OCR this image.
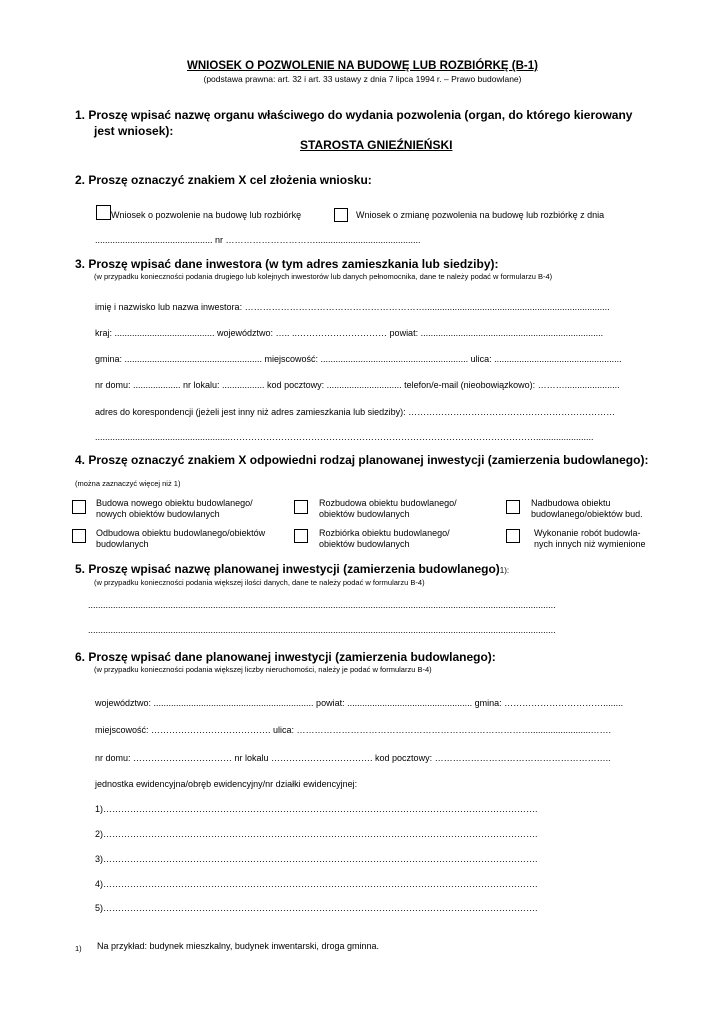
WNIOSEK O POZWOLENIE NA BUDOWĘ LUB ROZBIÓRKĘ (B-1)
(podstawa prawna: art. 32 i art. 33 ustawy z dnia 7 lipca 1994 r. – Prawo budowlane)
1. Proszę wpisać nazwę organu właściwego do wydania pozwolenia (organ, do którego kierowany
jest wniosek):
STAROSTA GNIEŹNIEŃSKI
2. Proszę oznaczyć znakiem X cel złożenia wniosku:
Wniosek o pozwolenie na budowę lub rozbiórkę	Wniosek o zmianę pozwolenia na budowę lub rozbiórkę z dnia
............................................... nr …………………………..........................................
3. Proszę wpisać dane inwestora (w tym adres zamieszkania lub siedziby):
(w przypadku konieczności podania drugiego lub kolejnych inwestorów lub danych pełnomocnika, dane te należy podać w formularzu B-4)
imię i nazwisko lub nazwa inwestora: ……………………………………………………..........................................................................
kraj: ........................................ województwo: ….. ..………………………… powiat: .........................................................................
gmina: ....................................................... miejscowość: ........................................................... ulica: ...................................................
nr domu: ................... nr lokalu: ................. kod pocztowy: .............................. telefon/e-mail (nieobowiązkowo): ………......................
adres do korespondencji (jeżeli jest inny niż adres zamieszkania lub siedziby): ……………………………………………………………
......................................................………………………………………………………………………………………….......................
4. Proszę oznaczyć znakiem X odpowiedni rodzaj planowanej inwestycji (zamierzenia budowlanego):
(można zaznaczyć więcej niż 1)
Budowa nowego obiektu budowlanego/ nowych obiektów budowlanych
Rozbudowa obiektu budowlanego/ obiektów budowlanych
Nadbudowa obiektu budowlanego/obiektów bud.
Odbudowa obiektu budowlanego/obiektów budowlanych
Rozbiórka obiektu budowlanego/ obiektów budowlanych
Wykonanie robót budowla-nych innych niż wymienione
5. Proszę wpisać nazwę planowanej inwestycji (zamierzenia budowlanego)1):
(w przypadku konieczności podania większej ilości danych, dane te należy podać w formularzu B-4)
...........................................................................................................................................................................................
...........................................................................................................................................................................................
6. Proszę wpisać dane planowanej inwestycji (zamierzenia budowlanego):
(w przypadku konieczności podania większej liczby nieruchomości, należy je podać w formularzu B-4)
województwo: ................................................................ powiat: .................................................. gmina: ……………………………........
miejscowość: …………………………………. ulica: ……………………………………………………………………........................…….
nr domu: …………………………… nr lokalu ……………………………. kod pocztowy: …………………………………………………..
jednostka ewidencyjna/obręb ewidencyjny/nr działki ewidencyjnej:
1)……………………………………………………………………………………………………………………………….
2)……………………………………………………………………………………………………………………………….
3)……………………………………………………………………………………………………………………………….
4)……………………………………………………………………………………………………………………………….
5)……………………………………………………………………………………………………………………………….
1) Na przykład: budynek mieszkalny, budynek inwentarski, droga gminna.
